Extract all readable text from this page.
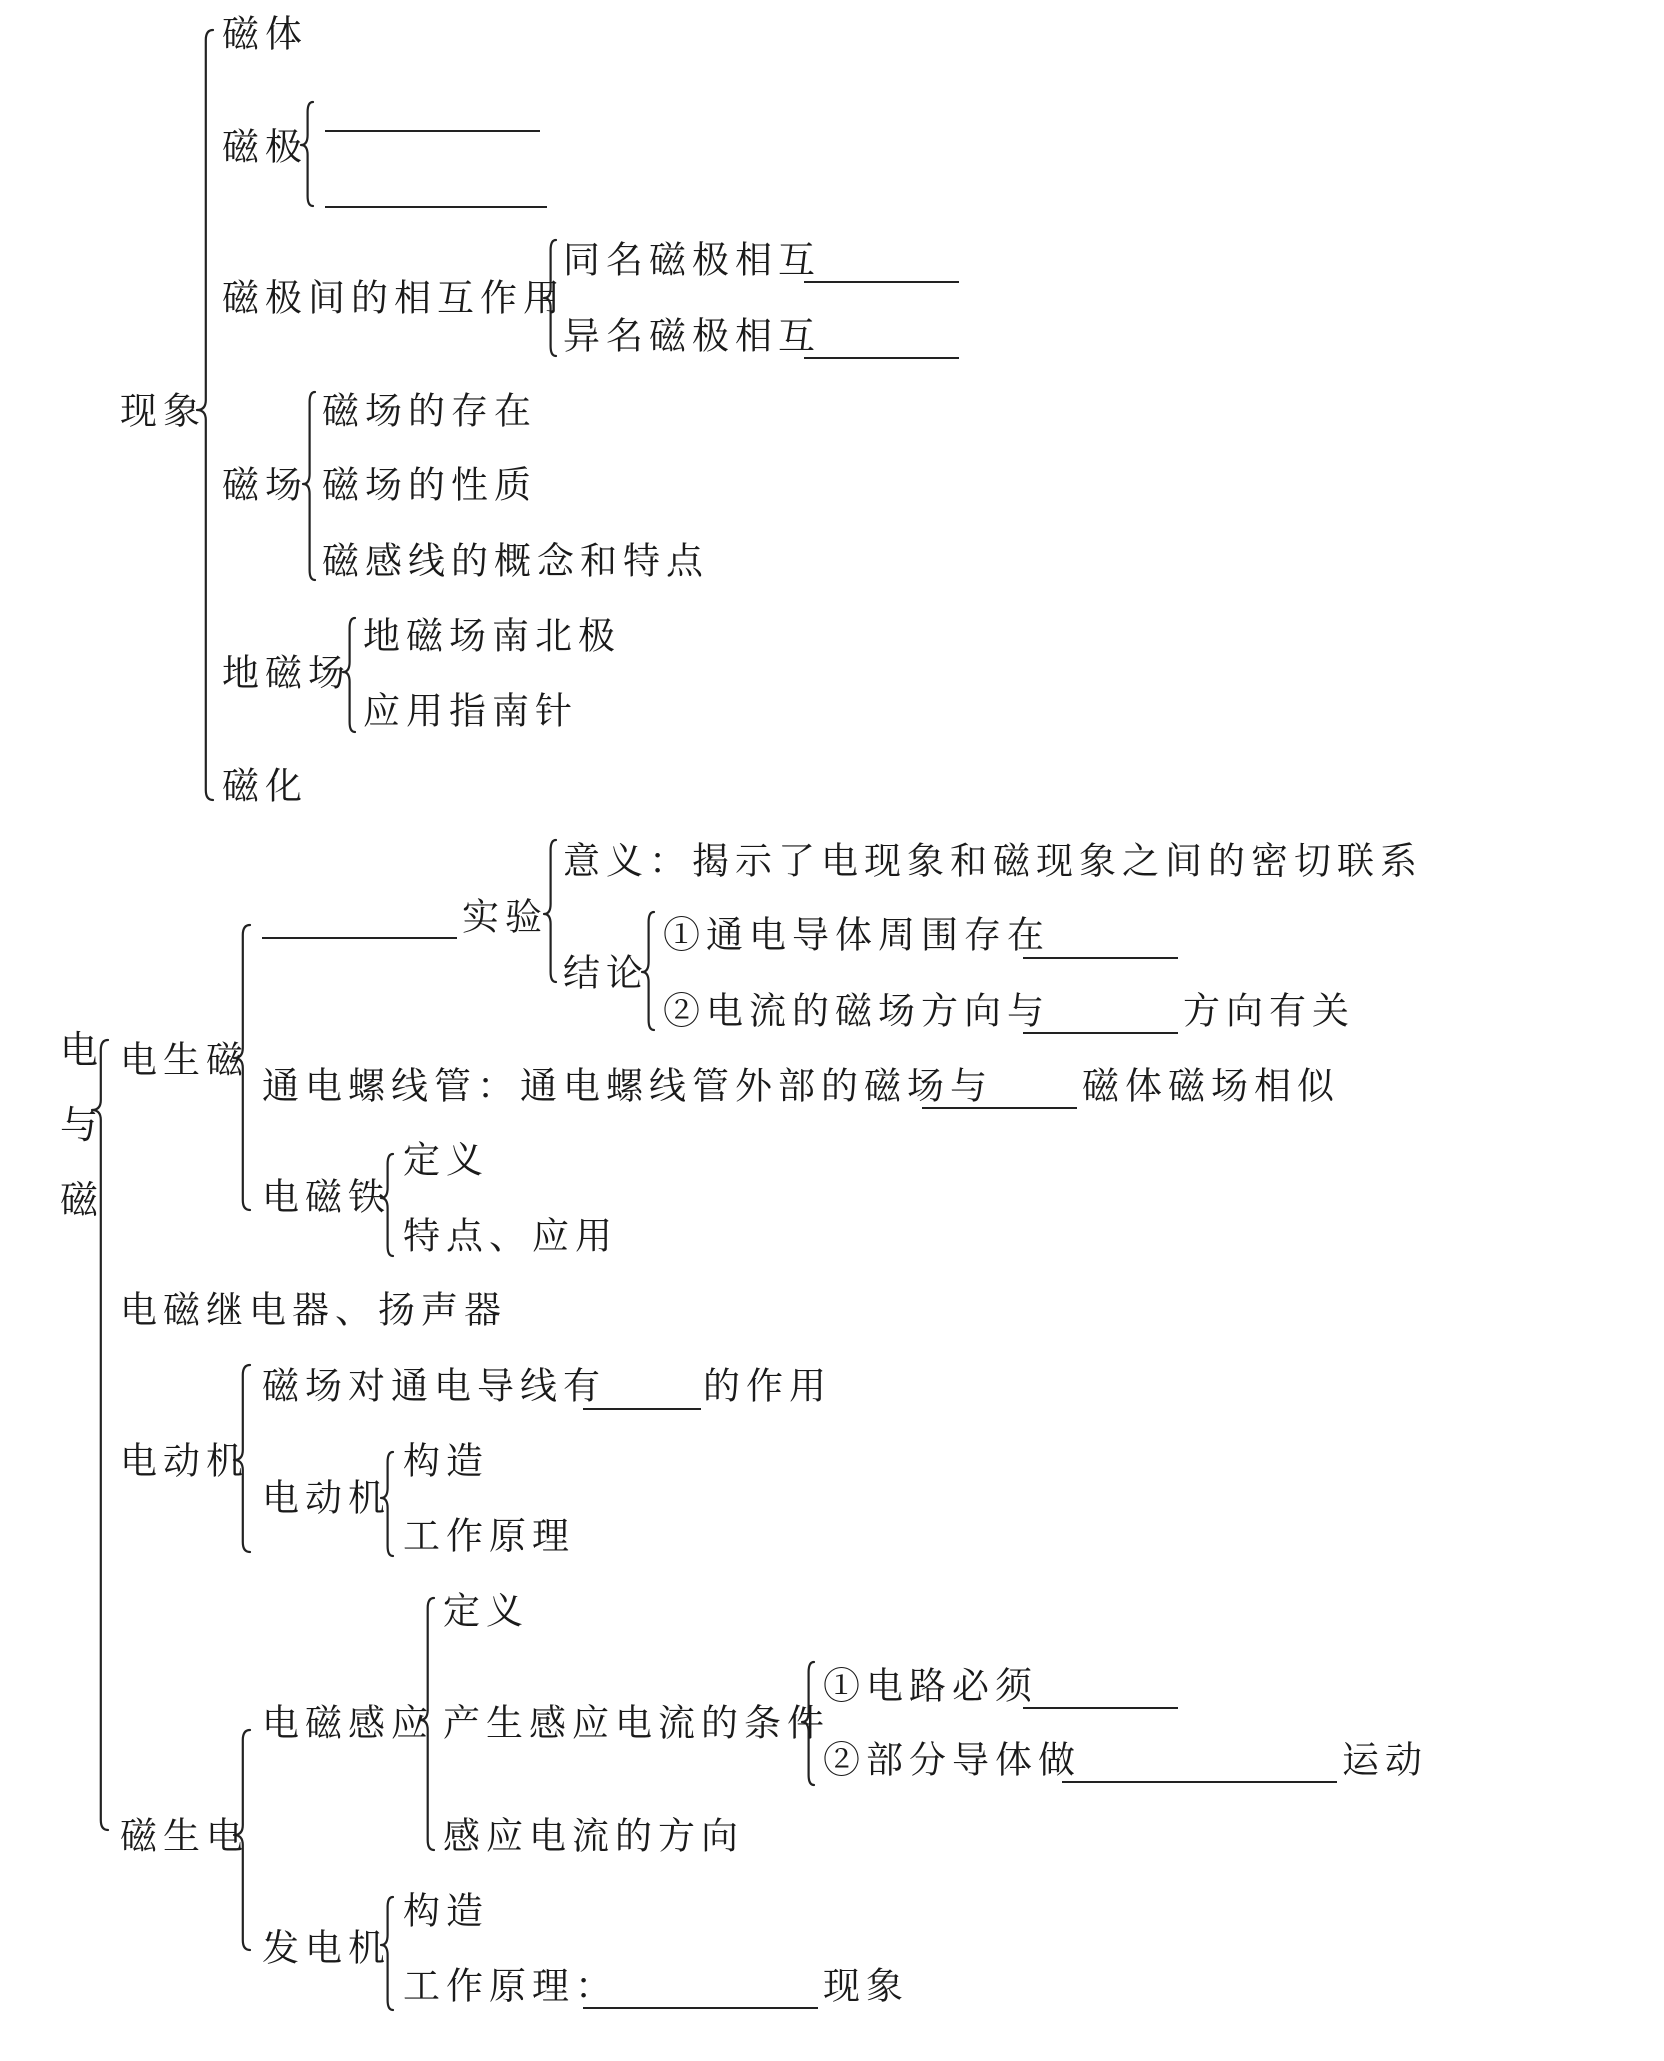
电
与
磁
现象
磁体
磁极
磁极间的相互作用
同名磁极相互
异名磁极相互
磁场
磁场的存在
磁场的性质
磁感线的概念和特点
地磁场
地磁场南北极
应用指南针
磁化
电生磁
实验
意义：揭示了电现象和磁现象之间的密切联系
结论
①通电导体周围存在
②电流的磁场方向与	方向有关
通电螺线管：通电螺线管外部的磁场与 磁体磁场相似
电磁铁
定义
特点、应用
电磁继电器、扬声器
电动机
磁场对通电导线有	的作用
电动机
构造
工作原理
磁生电
电磁感应
定义
产生感应电流的条件
①电路必须
②部分导体做	运动
感应电流的方向
发电机
构造
工作原理：	现象
